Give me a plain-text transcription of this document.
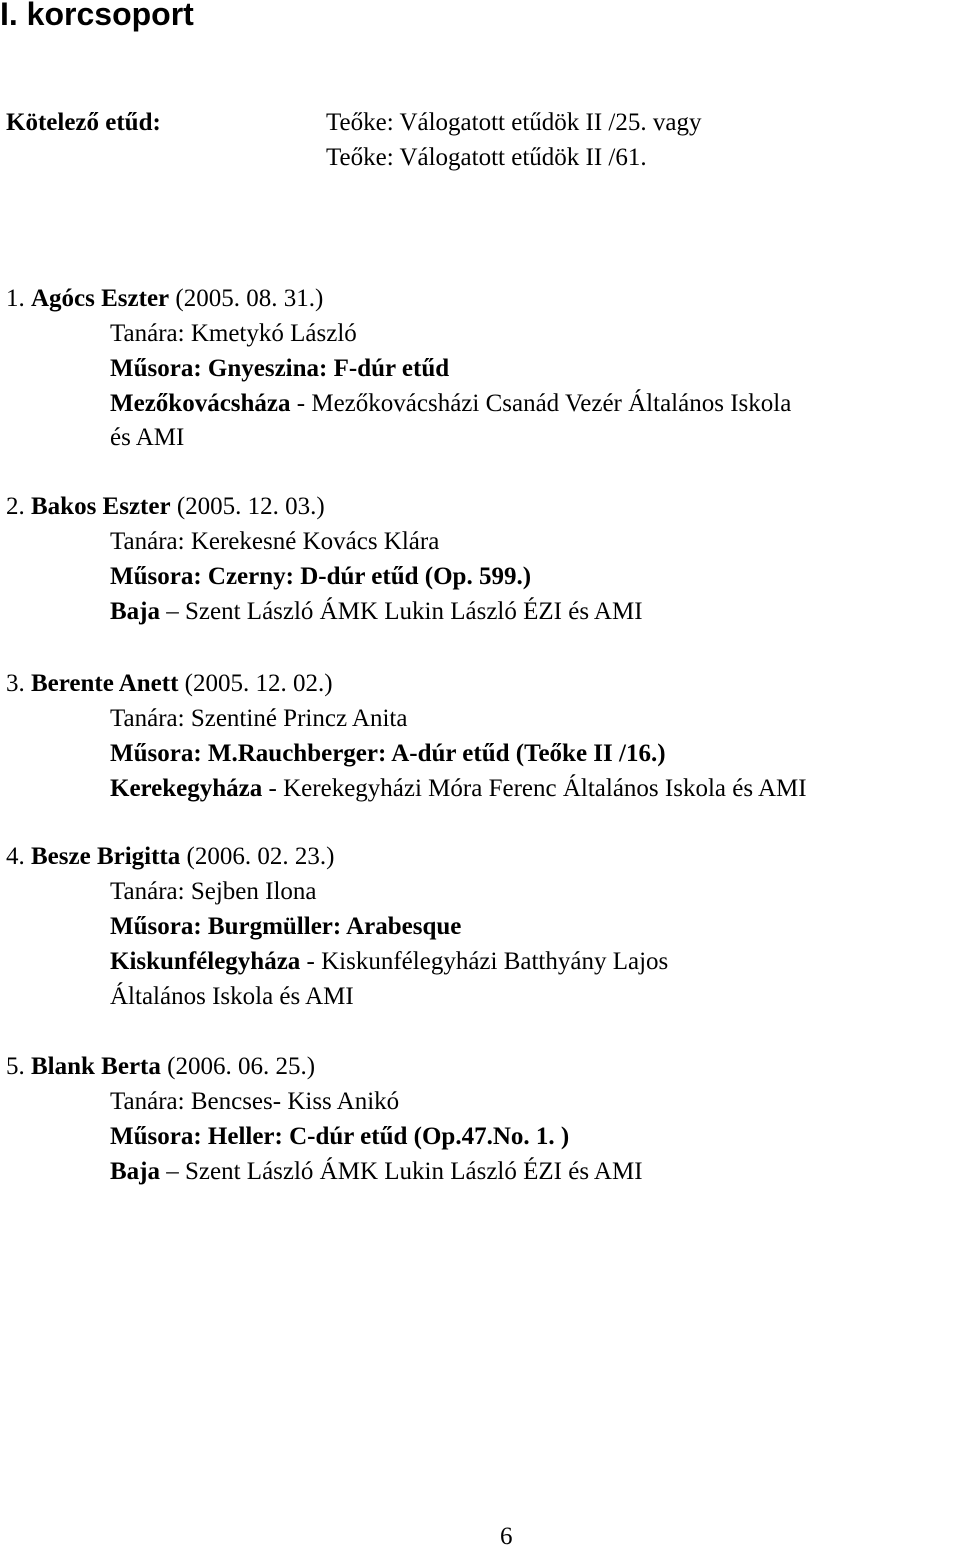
I. korcsoport
Kötelező etűd:	Teőke: Válogatott etűdök II /25. vagy
Teőke: Válogatott etűdök II /61.
1. Agócs Eszter (2005. 08. 31.)
Tanára: Kmetykó László
Műsora: Gnyeszina: F-dúr etűd
Mezőkovácsháza - Mezőkovácsházi Csanád Vezér Általános Iskola
és AMI
2. Bakos Eszter (2005. 12. 03.)
Tanára: Kerekesné Kovács Klára
Műsora: Czerny: D-dúr etűd (Op. 599.)
Baja – Szent László ÁMK Lukin László ÉZI és AMI
3. Berente Anett (2005. 12. 02.)
Tanára: Szentiné Princz Anita
Műsora: M.Rauchberger: A-dúr etűd (Teőke II /16.)
Kerekegyháza - Kerekegyházi Móra Ferenc Általános Iskola és AMI
4. Besze Brigitta (2006. 02. 23.)
Tanára: Sejben Ilona
Műsora: Burgmüller: Arabesque
Kiskunfélegyháza - Kiskunfélegyházi Batthyány Lajos
Általános Iskola és AMI
5. Blank Berta (2006. 06. 25.)
Tanára: Bencses- Kiss Anikó
Műsora: Heller: C-dúr etűd (Op.47.No. 1. )
Baja – Szent László ÁMK Lukin László ÉZI és AMI
6
